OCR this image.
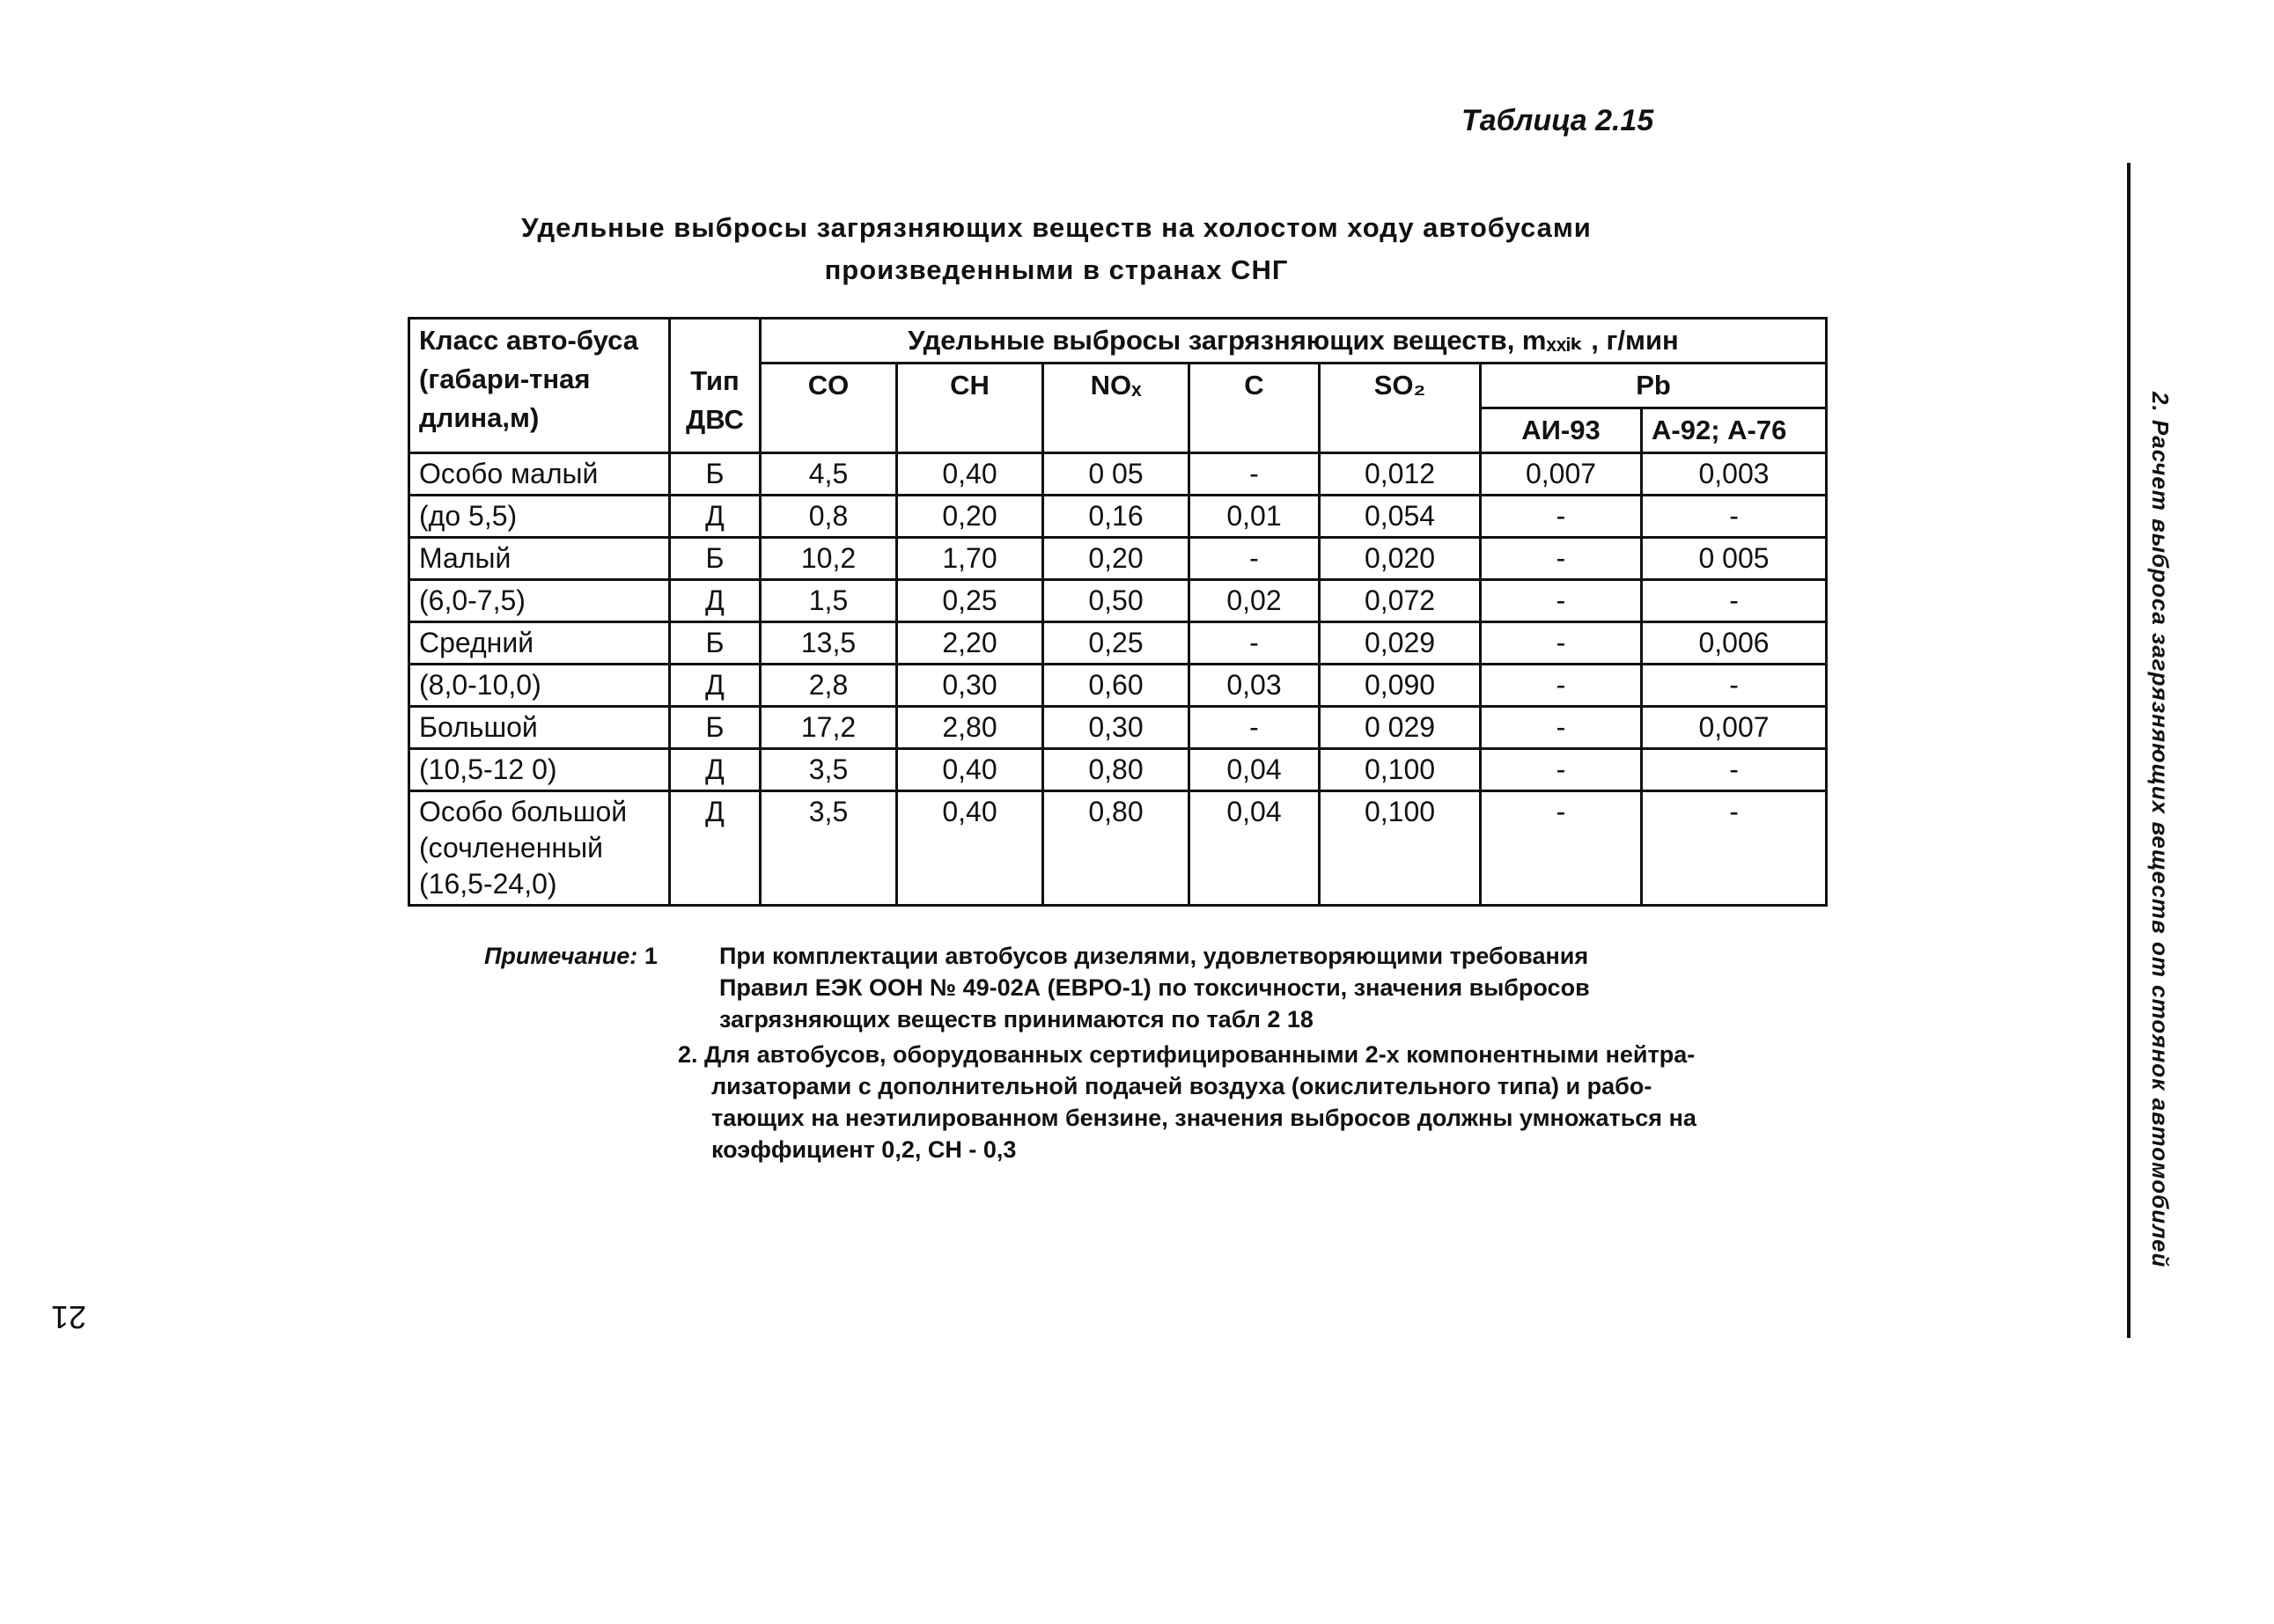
Таблица 2.15
Удельные выбросы загрязняющих веществ на холостом ходу автобусами
произведенными в странах СНГ
Класс авто-буса (габари-тная длина,м)	Тип ДВС	Удельные выбросы загрязняющих веществ, mₓₓᵢₖ , г/мин						
		CO	CH	NOₓ	C	SO₂	Pb	
							АИ-93	А-92; А-76
Особо малый	Б	4,5	0,40	0 05	-	0,012	0,007	0,003
(до 5,5)	Д	0,8	0,20	0,16	0,01	0,054	-	-
Малый	Б	10,2	1,70	0,20	-	0,020	-	0 005
(6,0-7,5)	Д	1,5	0,25	0,50	0,02	0,072	-	-
Средний	Б	13,5	2,20	0,25	-	0,029	-	0,006
(8,0-10,0)	Д	2,8	0,30	0,60	0,03	0,090	-	-
Большой	Б	17,2	2,80	0,30	-	0 029	-	0,007
(10,5-12 0)	Д	3,5	0,40	0,80	0,04	0,100	-	-

Особо большой
(сочлененный
(16,5-24,0)	Д	3,5	0,40	0,80	0,04	0,100	-	-
Примечание: 1	При комплектации автобусов дизелями, удовлетворяющими требования
Правил ЕЭК ООН № 49-02А (ЕВРО-1) по токсичности, значения выбросов
загрязняющих веществ принимаются по табл 2 18
2. Для автобусов, оборудованных сертифицированными 2-х компонентными нейтра-
лизаторами с дополнительной подачей воздуха (окислительного типа) и рабо-
тающих на неэтилированном бензине, значения выбросов должны умножаться на
коэффициент 0,2, CH - 0,3
21
2. Расчет выброса загрязняющих веществ от стоянок автомобилей
